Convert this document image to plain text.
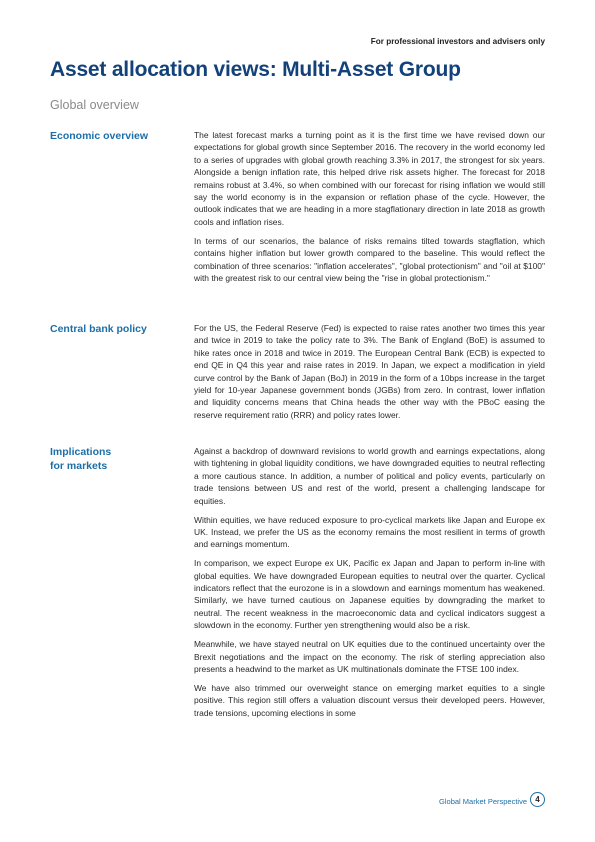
For professional investors and advisers only
Asset allocation views: Multi-Asset Group
Global overview
Economic overview	The latest forecast marks a turning point as it is the first time we have revised down our expectations for global growth since September 2016. The recovery in the world economy led to a series of upgrades with global growth reaching 3.3% in 2017, the strongest for six years. Alongside a benign inflation rate, this helped drive risk assets higher. The forecast for 2018 remains robust at 3.4%, so when combined with our forecast for rising inflation we would still say the world economy is in the expansion or reflation phase of the cycle. However, the outlook indicates that we are heading in a more stagflationary direction in late 2018 as growth cools and inflation rises.

In terms of our scenarios, the balance of risks remains tilted towards stagflation, which contains higher inflation but lower growth compared to the baseline. This would reflect the combination of three scenarios: "inflation accelerates", "global protectionism" and "oil at $100" with the greatest risk to our central view being the "rise in global protectionism."

Central bank policy	For the US, the Federal Reserve (Fed) is expected to raise rates another two times this year and twice in 2019 to take the policy rate to 3%. The Bank of England (BoE) is assumed to hike rates once in 2018 and twice in 2019. The European Central Bank (ECB) is expected to end QE in Q4 this year and raise rates in 2019. In Japan, we expect a modification in yield curve control by the Bank of Japan (BoJ) in 2019 in the form of a 10bps increase in the target yield for 10-year Japanese government bonds (JGBs) from zero. In contrast, lower inflation and liquidity concerns means that China heads the other way with the PBoC easing the reserve requirement ratio (RRR) and policy rates lower.

Implications
for markets

Against a backdrop of downward revisions to world growth and earnings expectations, along with tightening in global liquidity conditions, we have downgraded equities to neutral reflecting a more cautious stance. In addition, a number of political and policy events, particularly on trade tensions between US and rest of the world, present a challenging landscape for equities.

Within equities, we have reduced exposure to pro-cyclical markets like Japan and Europe ex UK. Instead, we prefer the US as the economy remains the most resilient in terms of growth and earnings momentum.

In comparison, we expect Europe ex UK, Pacific ex Japan and Japan to perform in-line with global equities. We have downgraded European equities to neutral over the quarter. Cyclical indicators reflect that the eurozone is in a slowdown and earnings momentum has weakened. Similarly, we have turned cautious on Japanese equities by downgrading the market to neutral. The recent weakness in the macroeconomic data and cyclical indicators suggest a slowdown in the economy. Further yen strengthening would also be a risk.

Meanwhile, we have stayed neutral on UK equities due to the continued uncertainty over the Brexit negotiations and the impact on the economy. The risk of sterling appreciation also presents a headwind to the market as UK multinationals dominate the FTSE 100 index.

We have also trimmed our overweight stance on emerging market equities to a single positive. This region still offers a valuation discount versus their developed peers. However, trade tensions, upcoming elections in some

Global Market Perspective 4
